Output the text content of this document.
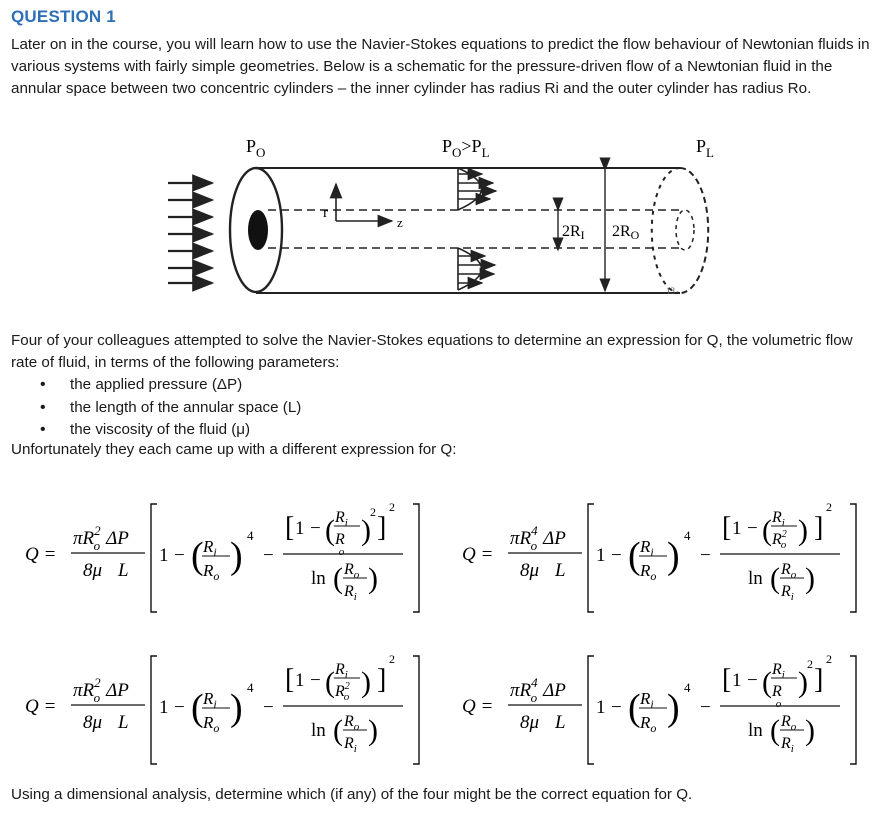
QUESTION 1
Later on in the course, you will learn how to use the Navier-Stokes equations to predict the flow behaviour of Newtonian fluids in various systems with fairly simple geometries. Below is a schematic for the pressure-driven flow of a Newtonian fluid in the annular space between two concentric cylinders – the inner cylinder has radius Ri and the outer cylinder has radius Ro.
r
z
2RI 2RO
$P_O$	$P_O>P_L$	$P_L$
13
Four of your colleagues attempted to solve the Navier-Stokes equations to determine an expression for Q, the volumetric flow rate of fluid, in terms of the following parameters:
• the applied pressure (ΔP)
• the length of the annular space (L)
• the viscosity of the fluid (μ)
Unfortunately they each came up with a different expression for Q:
Q =
$\pi R^2$ o ΔP
8μ L
1 − ( $R_i$
$R_o$ ) 4
−
[ 1 − ( $R_i$
R o
)
2 ]
2
ln ( $R_o$
$R_i$
)
Q =
$\pi R^4$ o ΔP
8μ L
1 − ( $R_i$
$R_o$ ) 4
−
[ 1 − ( $R_i$
$R^2$ o ) ]
2
ln ( $R_o$
$R_i$
)
Q =
$\pi R^2$ o ΔP
8μ L
1 − ( $R_i$
$R_o$ ) 4
−
[ 1 − ( $R_i$
$R^2$ o ) ]
2
ln ( $R_o$
$R_i$
)
Q =
$\pi R^4$ o ΔP
8μ L
1 − ( $R_i$
$R_o$ ) 4
−
[ 1 − ( $R_i$
R o
)
2 ]
2
ln ( $R_o$
$R_i$
)
Using a dimensional analysis, determine which (if any) of the four might be the correct equation for Q.
